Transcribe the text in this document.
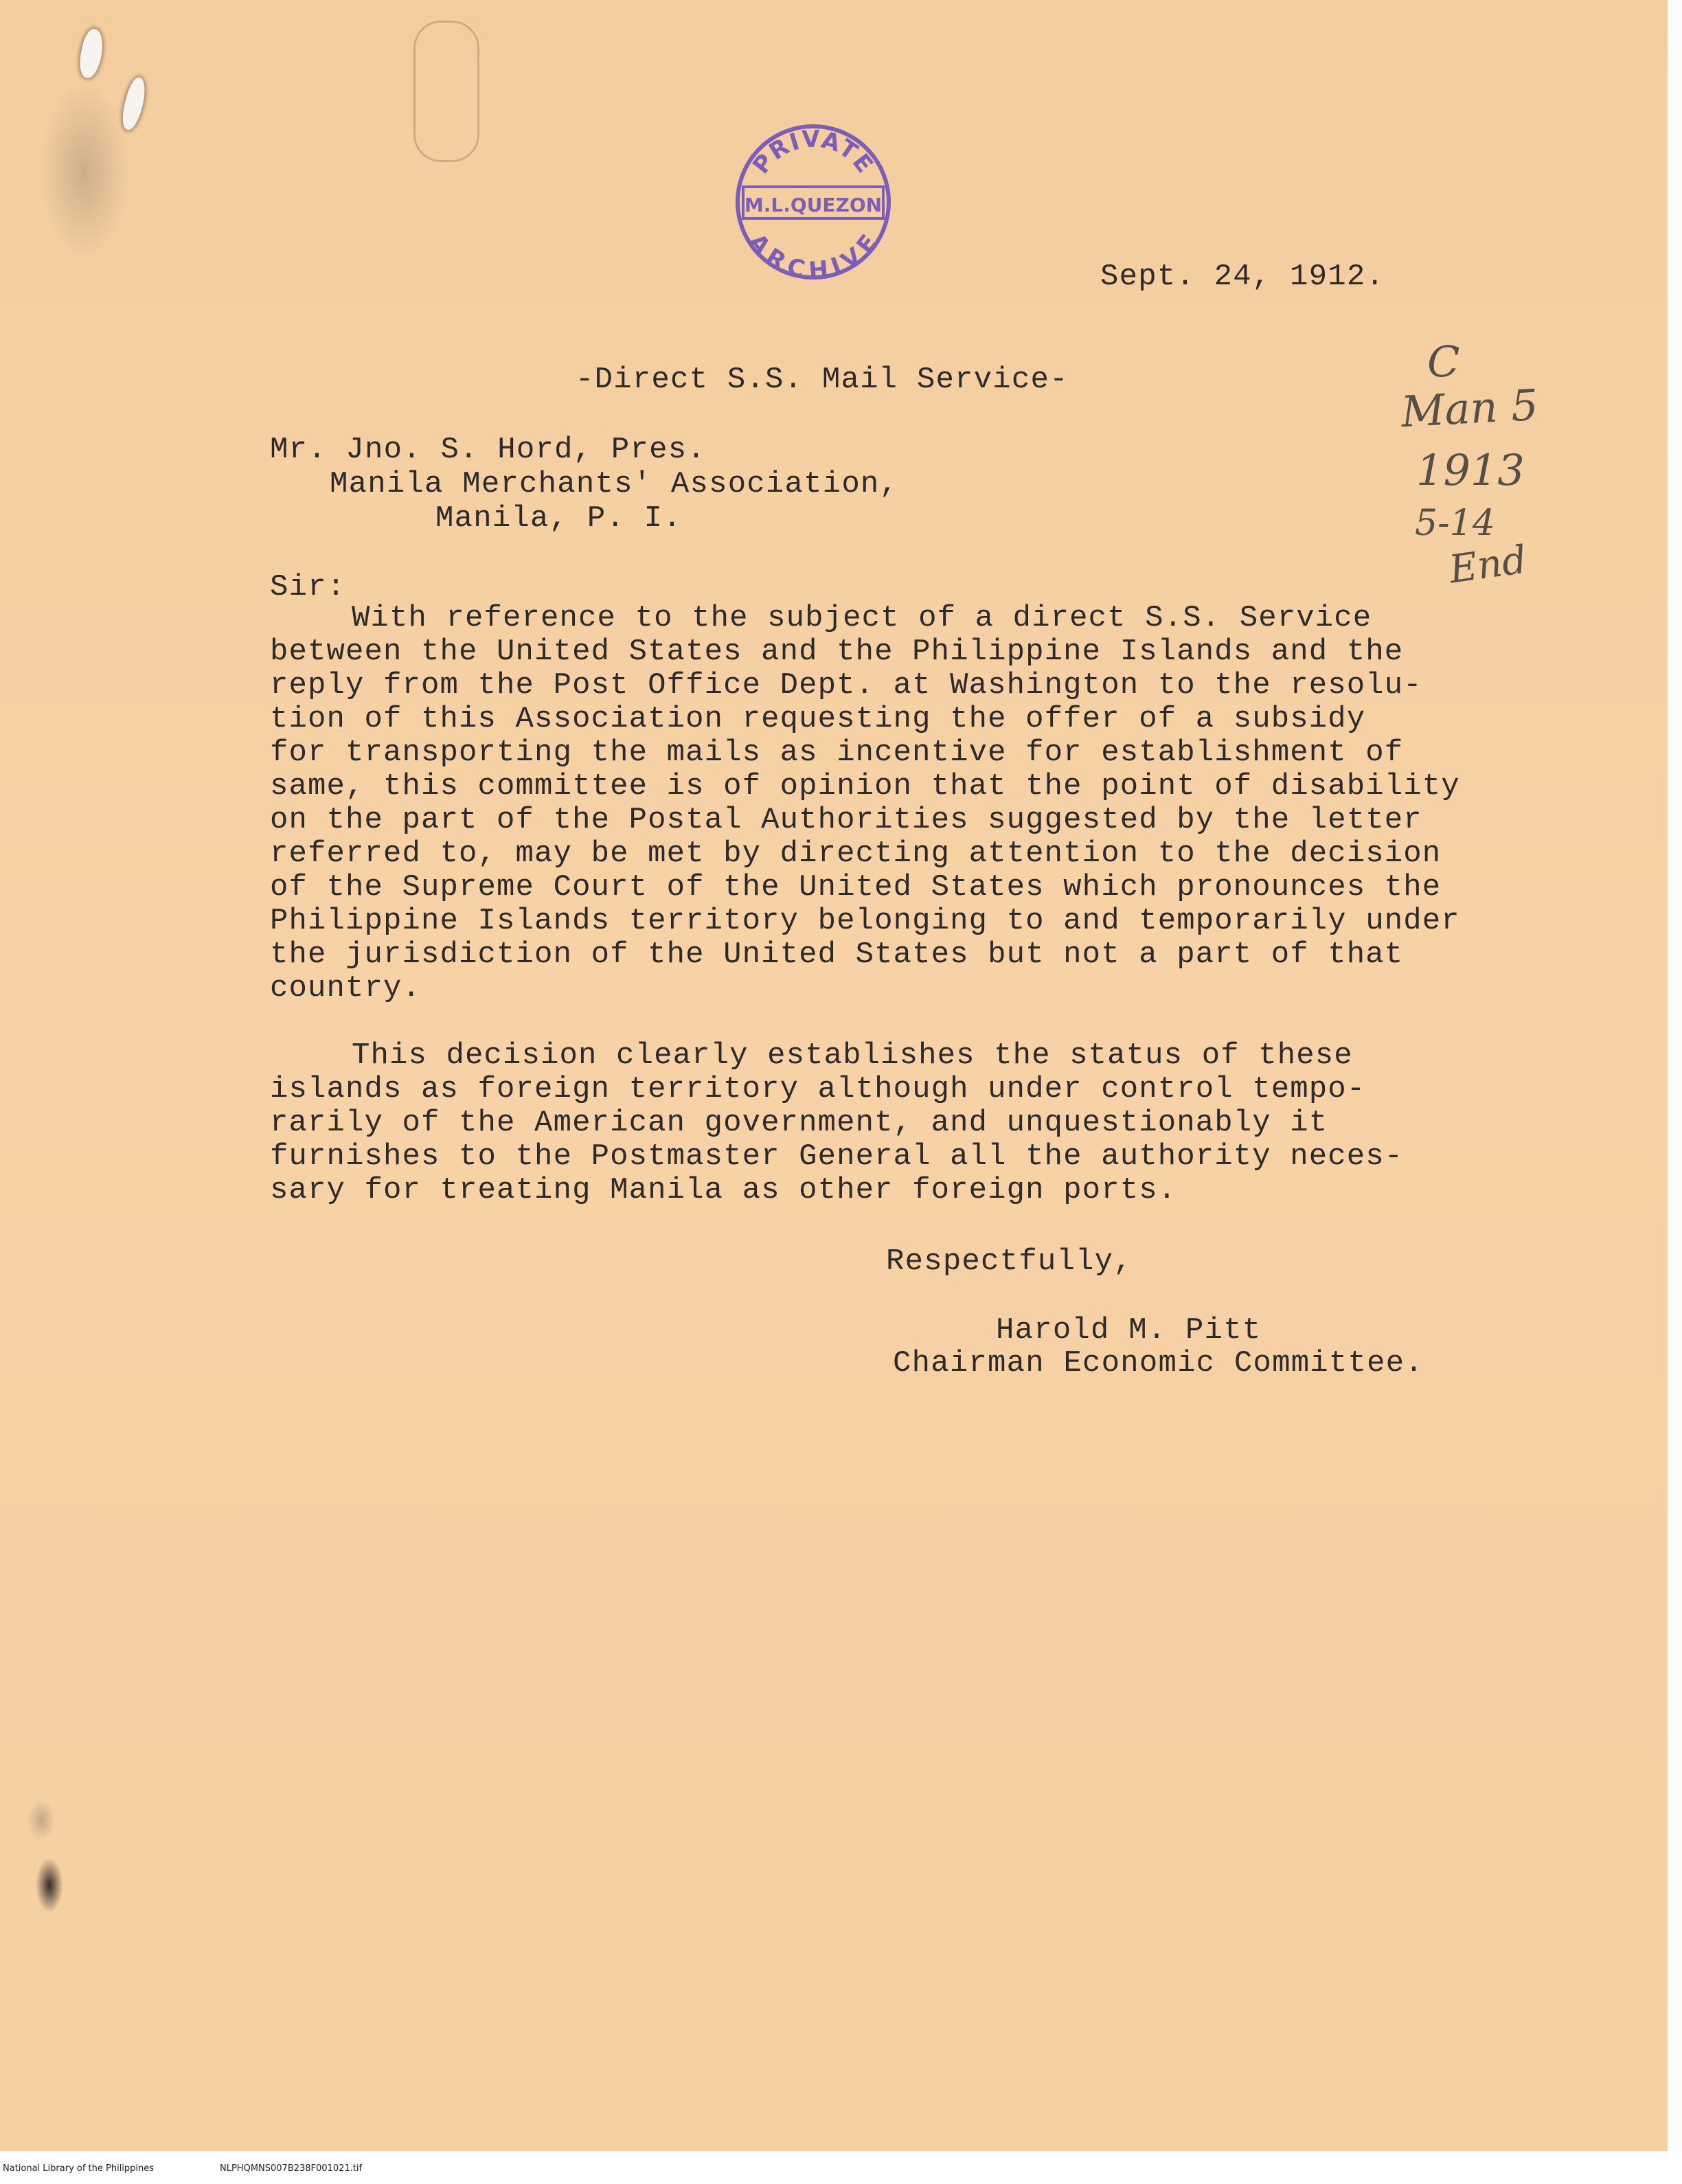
PRIVATE
M.L.QUEZON
ARCHIVE
Sept. 24, 1912.
-Direct S.S. Mail Service-
Mr. Jno. S. Hord, Pres.
Manila Merchants' Association,
Manila, P. I.
Sir:
With reference to the subject of a direct S.S. Service
between the United States and the Philippine Islands and the
reply from the Post Office Dept. at Washington to the resolu-
tion of this Association requesting the offer of a subsidy
for transporting the mails as incentive for establishment of
same, this committee is of opinion that the point of disability
on the part of the Postal Authorities suggested by the letter
referred to, may be met by directing attention to the decision
of the Supreme Court of the United States which pronounces the
Philippine Islands territory belonging to and temporarily under
the jurisdiction of the United States but not a part of that
country.
This decision clearly establishes the status of these
islands as foreign territory although under control tempo-
rarily of the American government, and unquestionably it
furnishes to the Postmaster General all the authority neces-
sary for treating Manila as other foreign ports.
Respectfully,
Harold M. Pitt
Chairman Economic Committee.
C
Man 5
1913
5-14
End
National Library of the Philippines	NLPHQMNS007B238F001021.tif
